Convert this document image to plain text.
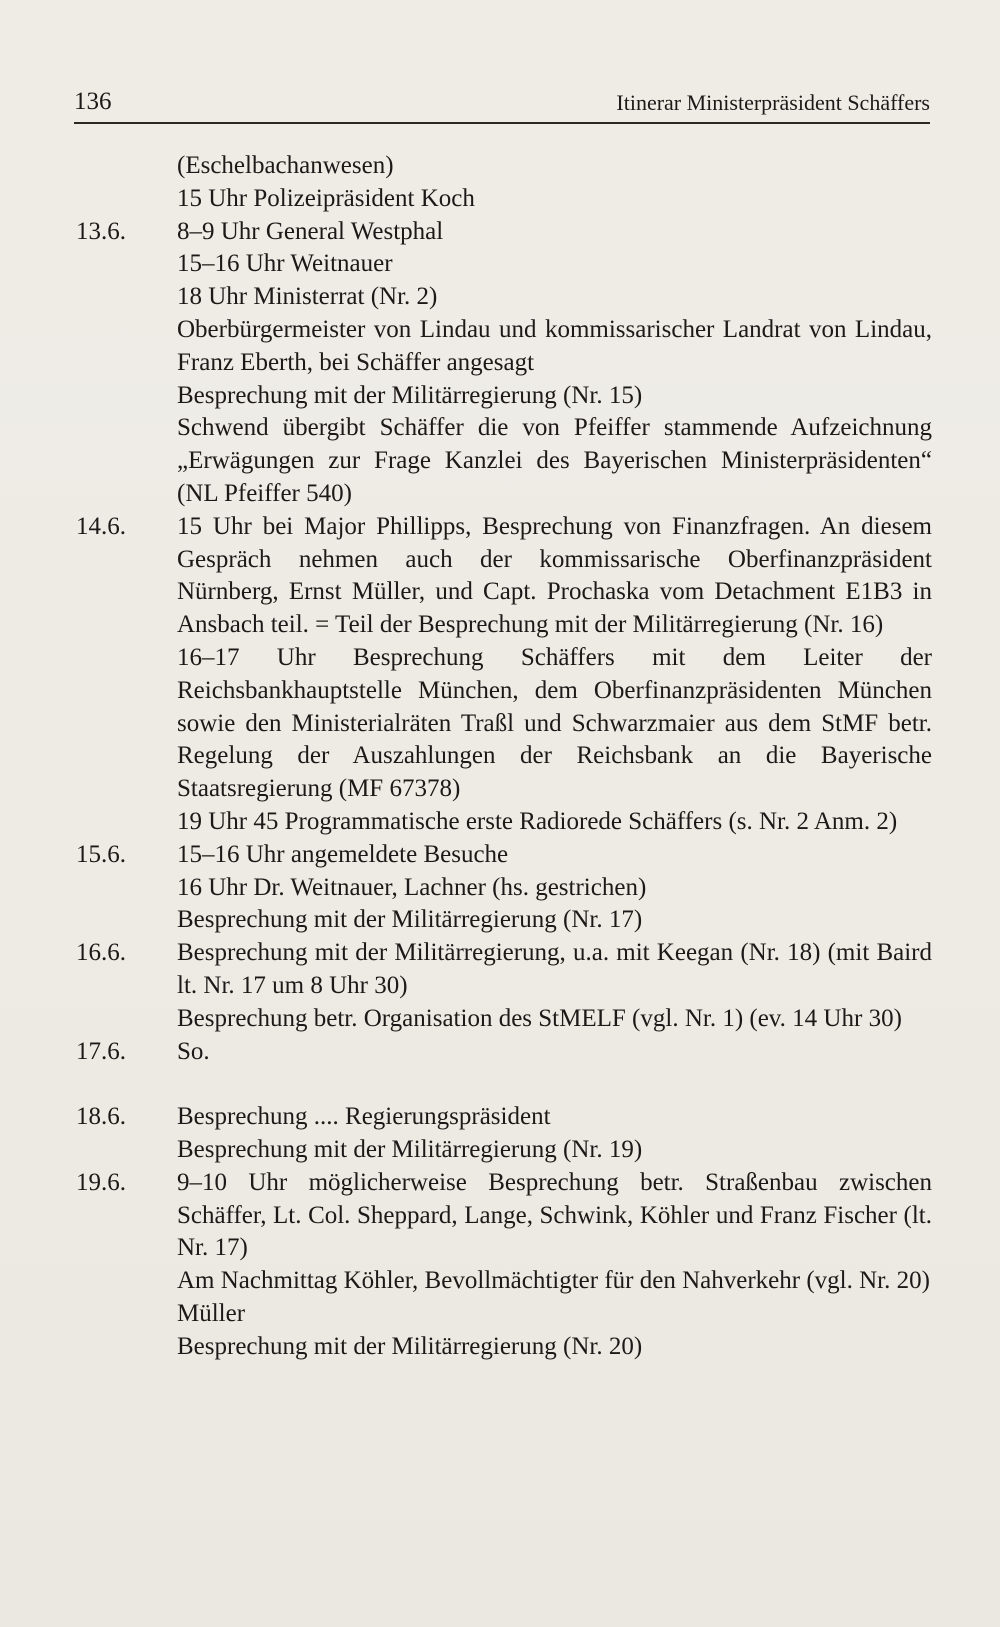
136	Itinerar Ministerpräsident Schäffers
(Eschelbachanwesen)
15 Uhr Polizeipräsident Koch
13.6. 8–9 Uhr General Westphal
15–16 Uhr Weitnauer
18 Uhr Ministerrat (Nr. 2)
Oberbürgermeister von Lindau und kommissarischer Landrat von Lindau, Franz Eberth, bei Schäffer angesagt
Besprechung mit der Militärregierung (Nr. 15)
Schwend übergibt Schäffer die von Pfeiffer stammende Aufzeichnung „Erwägungen zur Frage Kanzlei des Bayerischen Ministerpräsidenten“ (NL Pfeiffer 540)
14.6. 15 Uhr bei Major Phillipps, Besprechung von Finanzfragen. An diesem Gespräch nehmen auch der kommissarische Oberfinanzpräsident Nürnberg, Ernst Müller, und Capt. Prochaska vom Detachment E1B3 in Ansbach teil. = Teil der Besprechung mit der Militärregierung (Nr. 16)
16–17 Uhr Besprechung Schäffers mit dem Leiter der Reichsbankhauptstelle München, dem Oberfinanzpräsidenten München sowie den Ministerialräten Traßl und Schwarzmaier aus dem StMF betr. Regelung der Auszahlungen der Reichsbank an die Bayerische Staatsregierung (MF 67378)
19 Uhr 45 Programmatische erste Radiorede Schäffers (s. Nr. 2 Anm. 2)
15.6. 15–16 Uhr angemeldete Besuche
16 Uhr Dr. Weitnauer, Lachner (hs. gestrichen)
Besprechung mit der Militärregierung (Nr. 17)
16.6. Besprechung mit der Militärregierung, u.a. mit Keegan (Nr. 18) (mit Baird lt. Nr. 17 um 8 Uhr 30)
Besprechung betr. Organisation des StMELF (vgl. Nr. 1) (ev. 14 Uhr 30)
17.6. So.
18.6. Besprechung .... Regierungspräsident
Besprechung mit der Militärregierung (Nr. 19)
19.6. 9–10 Uhr möglicherweise Besprechung betr. Straßenbau zwischen Schäffer, Lt. Col. Sheppard, Lange, Schwink, Köhler und Franz Fischer (lt. Nr. 17)
Am Nachmittag Köhler, Bevollmächtigter für den Nahverkehr (vgl. Nr. 20)
Müller
Besprechung mit der Militärregierung (Nr. 20)
